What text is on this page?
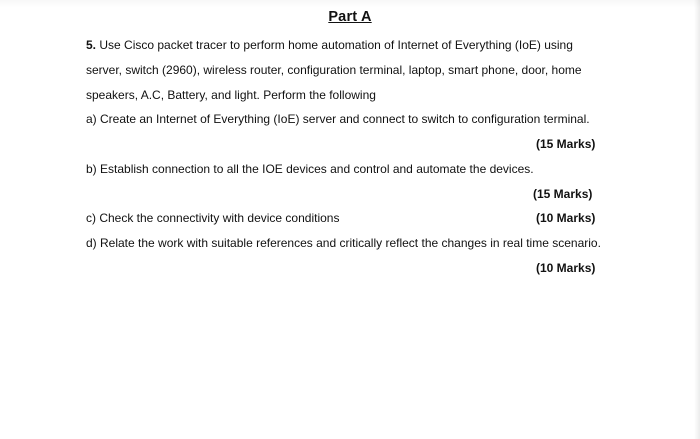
Part A
5. Use Cisco packet tracer to perform home automation of Internet of Everything (IoE) using
server, switch (2960), wireless router, configuration terminal, laptop, smart phone, door, home
speakers, A.C, Battery, and light. Perform the following
a) Create an Internet of Everything (IoE) server and connect to switch to configuration terminal.
(15 Marks)
b) Establish connection to all the IOE devices and control and automate the devices.
(15 Marks)
c) Check the connectivity with device conditions	(10 Marks)
d) Relate the work with suitable references and critically reflect the changes in real time scenario.
(10 Marks)
